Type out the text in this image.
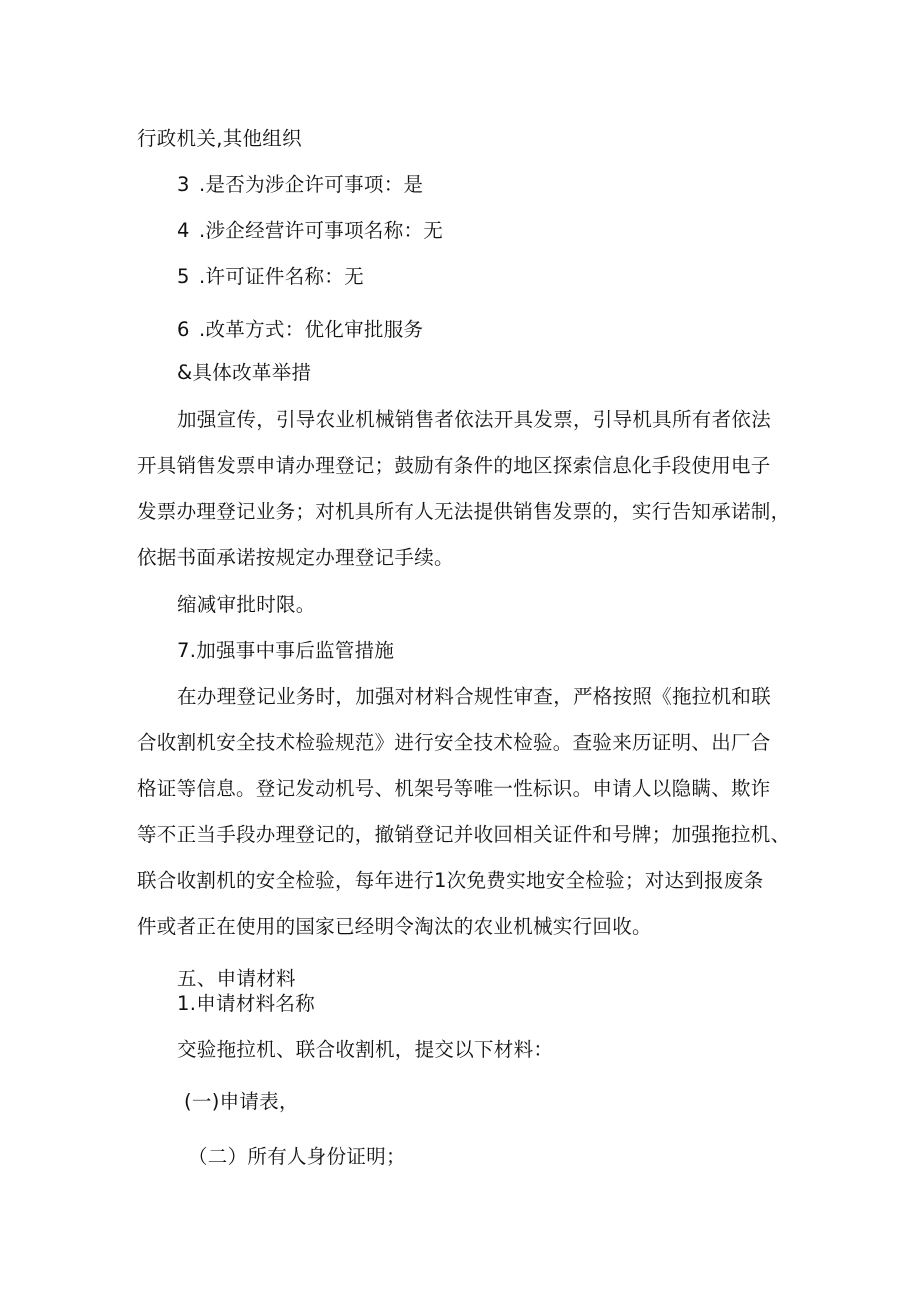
行政机关,其他组织
3 .是否为涉企许可事项：是
4 .涉企经营许可事项名称：无
5 .许可证件名称：无
6 .改革方式：优化审批服务
&具体改革举措
加强宣传，引导农业机械销售者依法开具发票，引导机具所有者依法
开具销售发票申请办理登记；鼓励有条件的地区探索信息化手段使用电子
发票办理登记业务；对机具所有人无法提供销售发票的，实行告知承诺制，
依据书面承诺按规定办理登记手续。
缩减审批时限。
7.加强事中事后监管措施
在办理登记业务时，加强对材料合规性审查，严格按照《拖拉机和联
合收割机安全技术检验规范》进行安全技术检验。查验来历证明、出厂合
格证等信息。登记发动机号、机架号等唯一性标识。申请人以隐瞒、欺诈
等不正当手段办理登记的，撤销登记并收回相关证件和号牌；加强拖拉机、
联合收割机的安全检验，每年进行1次免费实地安全检验；对达到报废条
件或者正在使用的国家已经明令淘汰的农业机械实行回收。
五、申请材料
1.申请材料名称
交验拖拉机、联合收割机，提交以下材料：
(一)申请表，
（二）所有人身份证明；
